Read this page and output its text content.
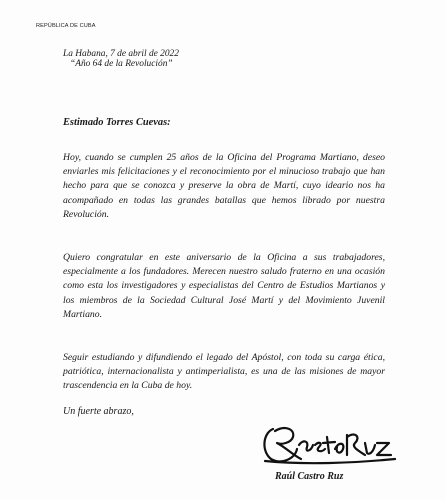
REPÚBLICA DE CUBA
La Habana, 7 de abril de 2022
“Año 64 de la Revolución”
Estimado Torres Cuevas:
Hoy, cuando se cumplen 25 años de la Oficina del Programa Martiano, deseo enviarles mis felicitaciones y el reconocimiento por el minucioso trabajo que han hecho para que se conozca y preserve la obra de Martí, cuyo ideario nos ha acompañado en todas las grandes batallas que hemos librado por nuestra Revolución.
Quiero congratular en este aniversario de la Oficina a sus trabajadores, especialmente a los fundadores. Merecen nuestro saludo fraterno en una ocasión como esta los investigadores y especialistas del Centro de Estudios Martianos y los miembros de la Sociedad Cultural José Martí y del Movimiento Juvenil Martiano.
Seguir estudiando y difundiendo el legado del Apóstol, con toda su carga ética, patriótica, internacionalista y antimperialista, es una de las misiones de mayor trascendencia en la Cuba de hoy.
Un fuerte abrazo,
Raúl Castro Ruz
